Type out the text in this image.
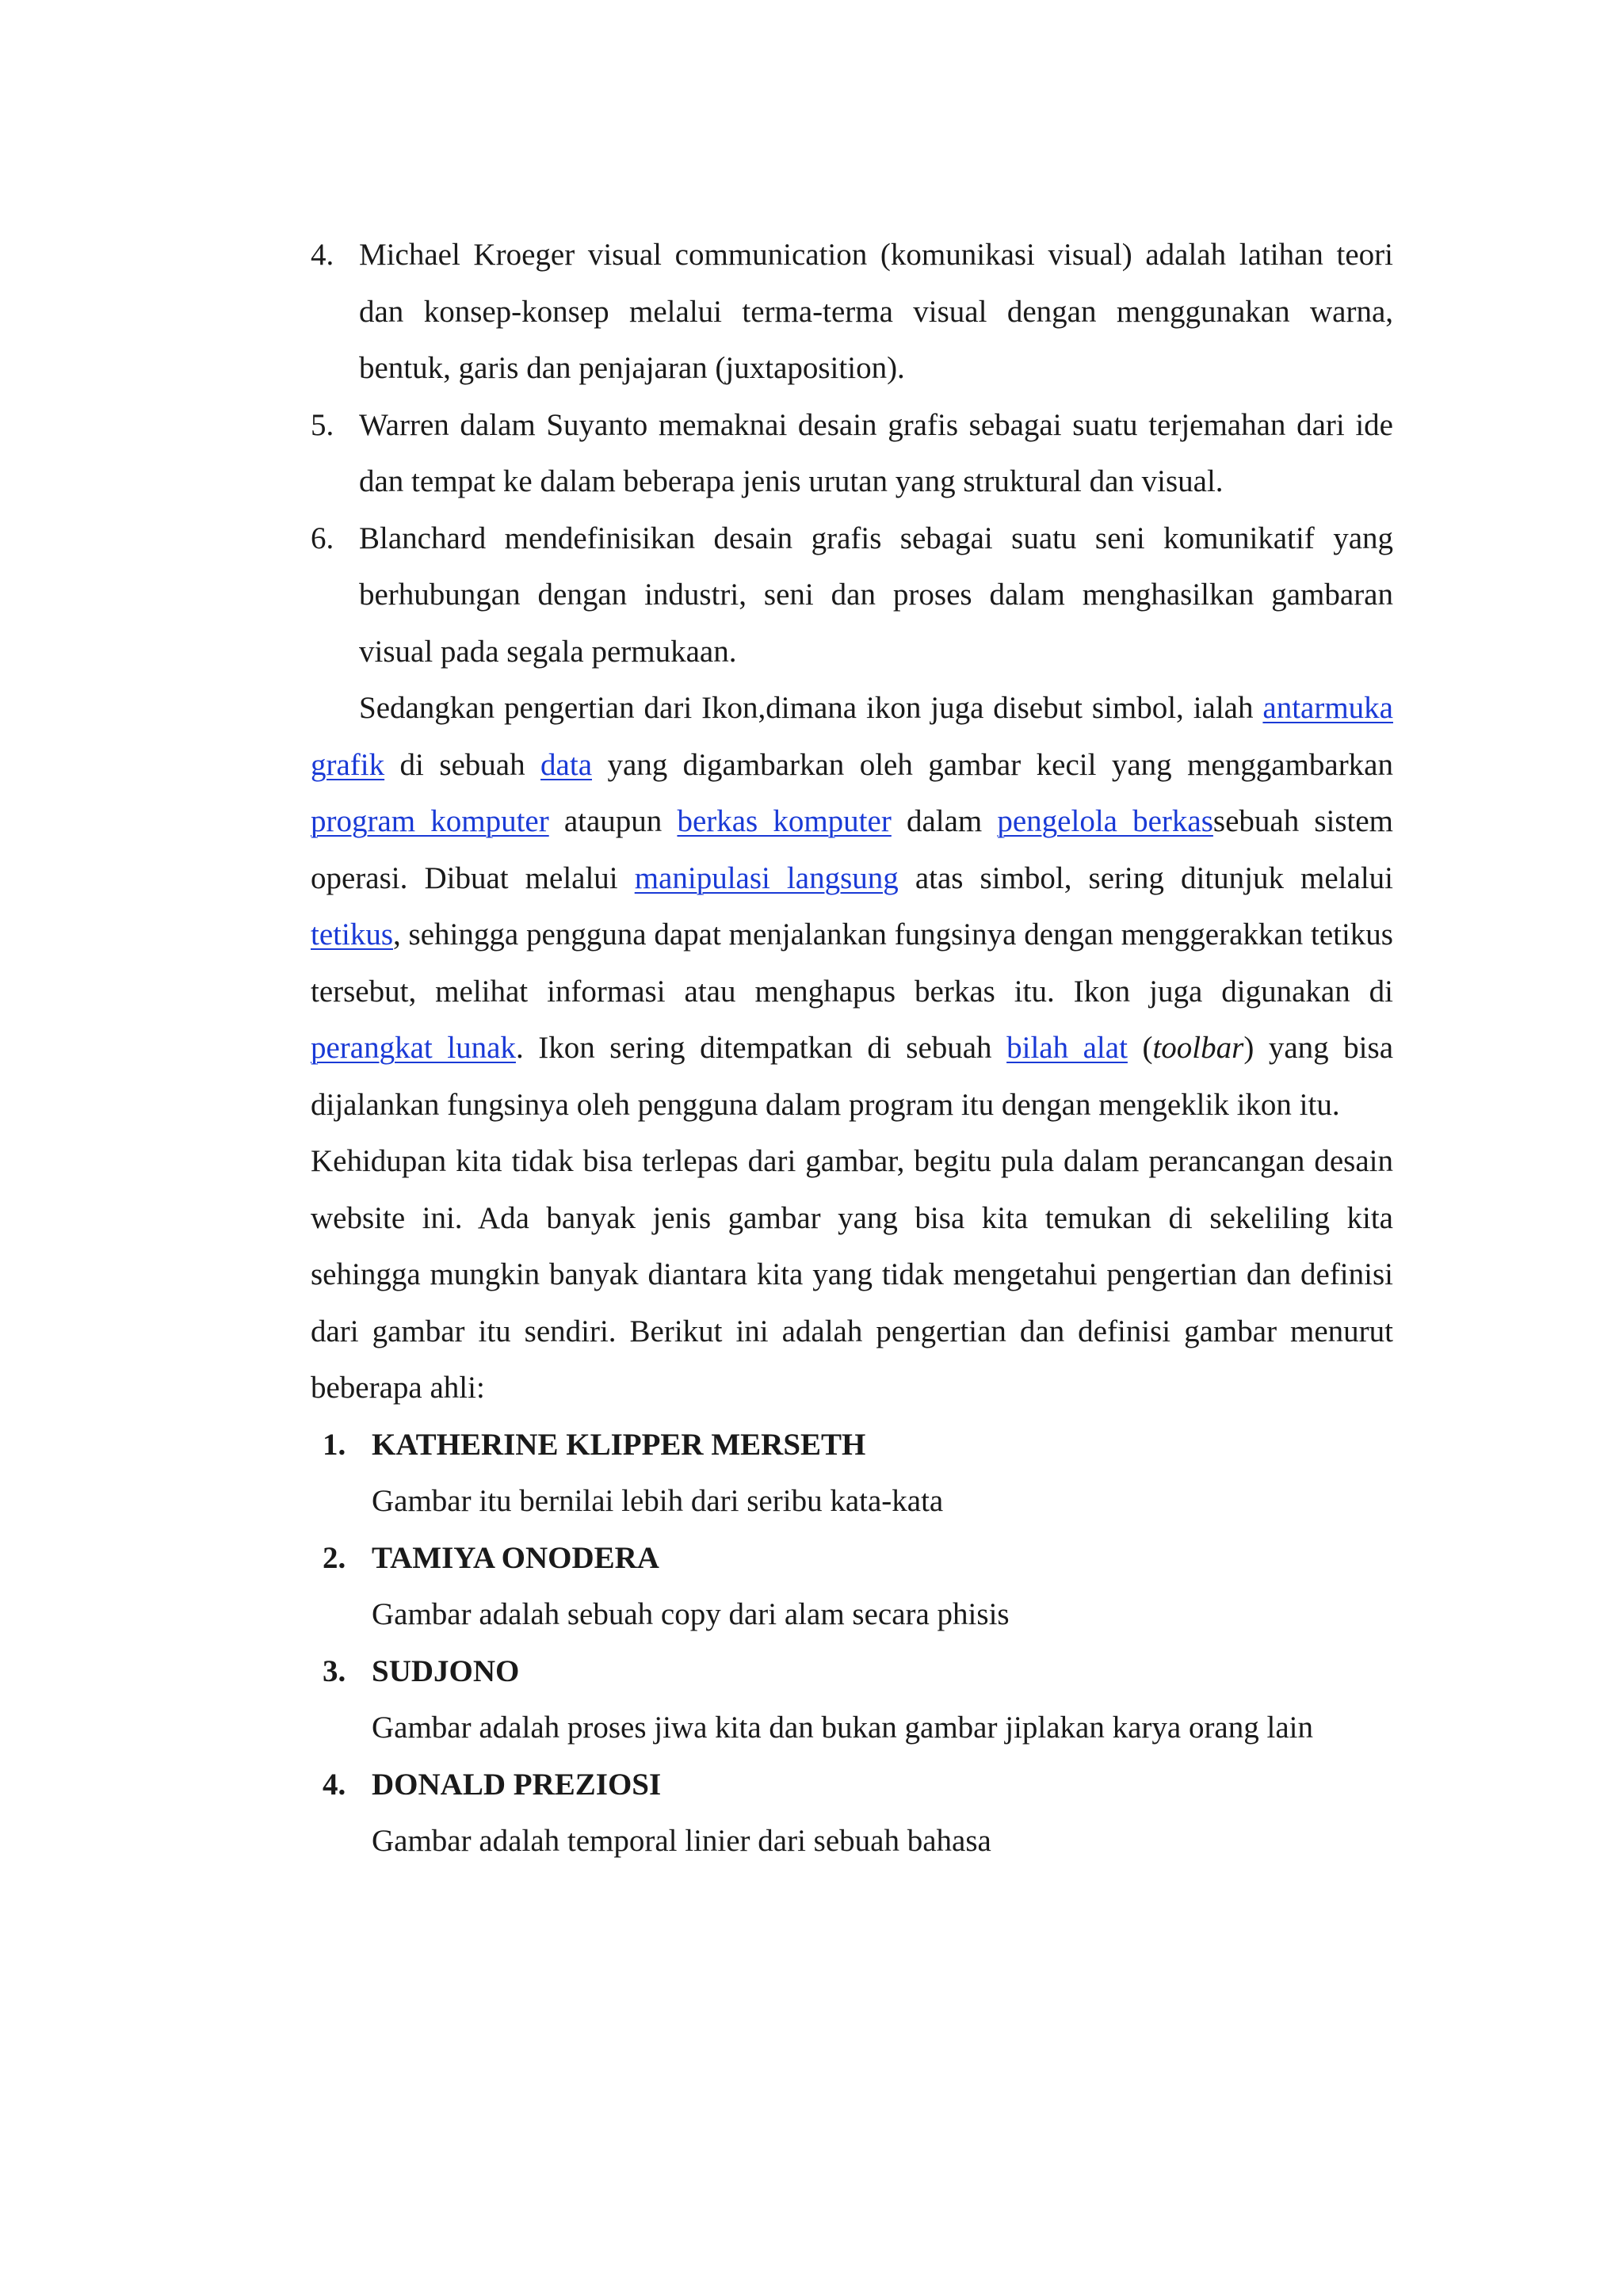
4. Michael Kroeger visual communication (komunikasi visual) adalah latihan teori dan konsep-konsep melalui terma-terma visual dengan menggunakan warna, bentuk, garis dan penjajaran (juxtaposition).
5. Warren dalam Suyanto memaknai desain grafis sebagai suatu terjemahan dari ide dan tempat ke dalam beberapa jenis urutan yang struktural dan visual.
6. Blanchard mendefinisikan desain grafis sebagai suatu seni komunikatif yang berhubungan dengan industri, seni dan proses dalam menghasilkan gambaran visual pada segala permukaan.

Sedangkan pengertian dari Ikon,dimana ikon juga disebut simbol, ialah antarmuka grafik di sebuah data yang digambarkan oleh gambar kecil yang menggambarkan program komputer ataupun berkas komputer dalam pengelola berkassebuah sistem operasi. Dibuat melalui manipulasi langsung atas simbol, sering ditunjuk melalui tetikus, sehingga pengguna dapat menjalankan fungsinya dengan menggerakkan tetikus tersebut, melihat informasi atau menghapus berkas itu. Ikon juga digunakan di perangkat lunak. Ikon sering ditempatkan di sebuah bilah alat (toolbar) yang bisa dijalankan fungsinya oleh pengguna dalam program itu dengan mengeklik ikon itu.

Kehidupan kita tidak bisa terlepas dari gambar, begitu pula dalam perancangan desain website ini. Ada banyak jenis gambar yang bisa kita temukan di sekeliling kita sehingga mungkin banyak diantara kita yang tidak mengetahui pengertian dan definisi dari gambar itu sendiri. Berikut ini adalah pengertian dan definisi gambar menurut beberapa ahli:

1. KATHERINE KLIPPER MERSETH
Gambar itu bernilai lebih dari seribu kata-kata
2. TAMIYA ONODERA
Gambar adalah sebuah copy dari alam secara phisis
3. SUDJONO
Gambar adalah proses jiwa kita dan bukan gambar jiplakan karya orang lain
4. DONALD PREZIOSI
Gambar adalah temporal linier dari sebuah bahasa
